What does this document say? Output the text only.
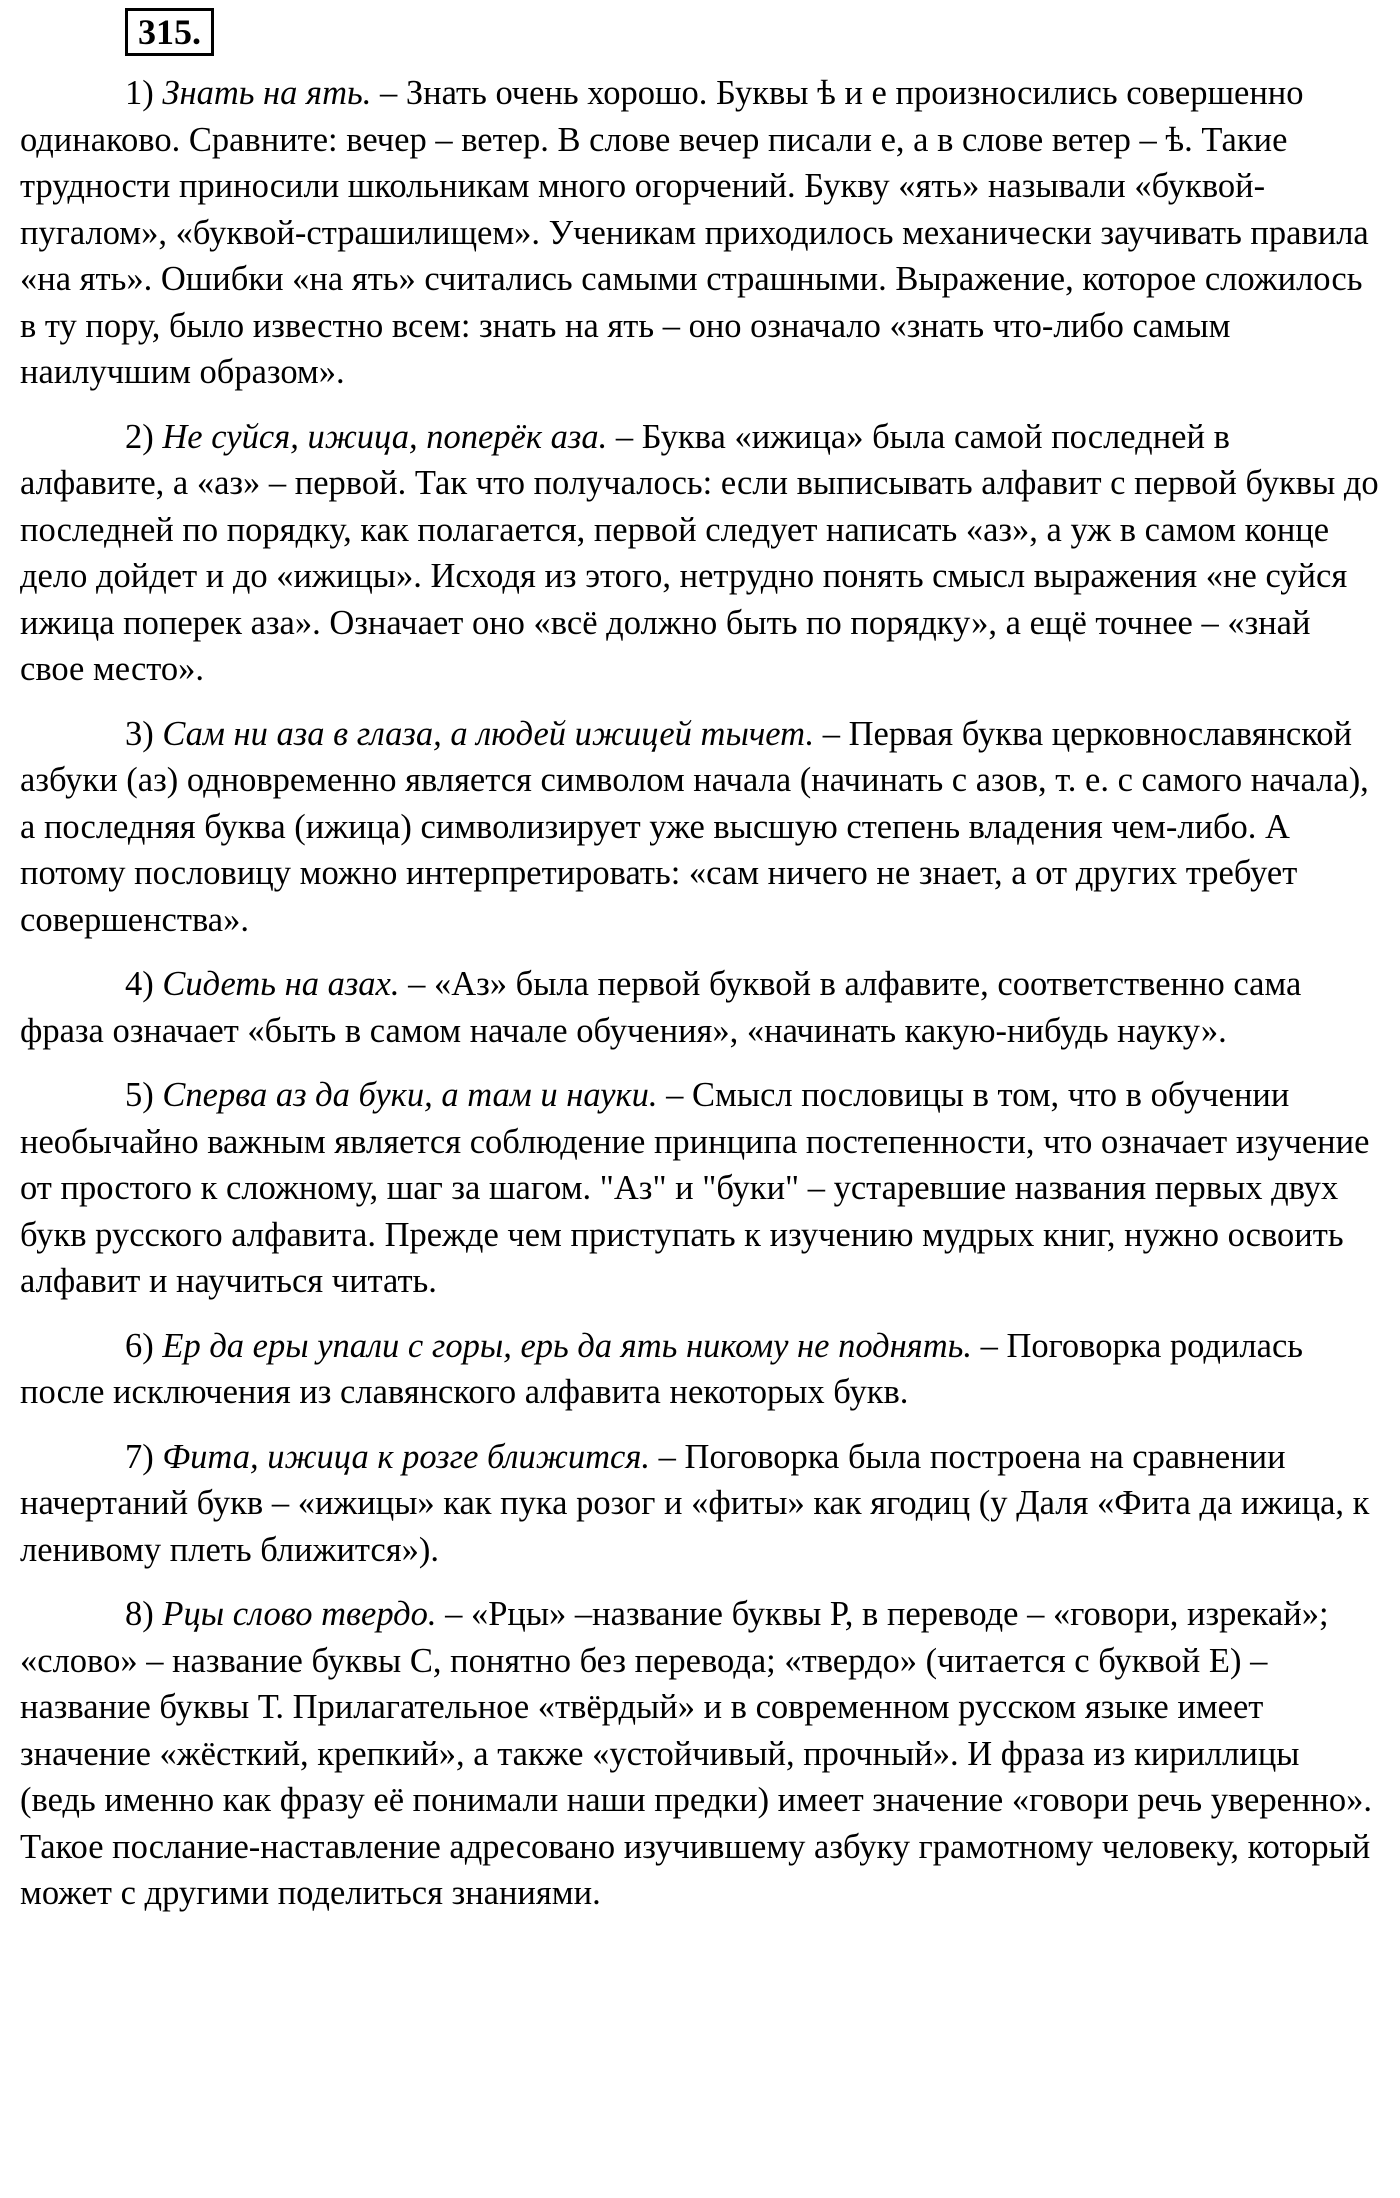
315.
1) Знать на ять. – Знать очень хорошо. Буквы ѣ и е произносились совершенно одинаково. Сравните: вечер – ветер. В слове вечер писали е, а в слове ветер – ѣ. Такие трудности приносили школьникам много огорчений. Букву «ять» называли «буквой-пугалом», «буквой-страшилищем». Ученикам приходилось механически заучивать правила «на ять». Ошибки «на ять» считались самыми страшными. Выражение, которое сложилось в ту пору, было известно всем: знать на ять – оно означало «знать что-либо самым наилучшим образом».
2) Не суйся, ижица, поперёк аза. – Буква «ижица» была самой последней в алфавите, а «аз» – первой. Так что получалось: если выписывать алфавит с первой буквы до последней по порядку, как полагается, первой следует написать «аз», а уж в самом конце дело дойдет и до «ижицы». Исходя из этого, нетрудно понять смысл выражения «не суйся ижица поперек аза». Означает оно «всё должно быть по порядку», а ещё точнее – «знай свое место».
3) Сам ни аза в глаза, а людей ижицей тычет. – Первая буква церковнославянской азбуки (аз) одновременно является символом начала (начинать с азов, т. е. с самого начала), а последняя буква (ижица) символизирует уже высшую степень владения чем-либо. А потому пословицу можно интерпретировать: «сам ничего не знает, а от других требует совершенства».
4) Сидеть на азах. – «Аз» была первой буквой в алфавите, соответственно сама фраза означает «быть в самом начале обучения», «начинать какую-нибудь науку».
5) Сперва аз да буки, а там и науки. – Смысл пословицы в том, что в обучении необычайно важным является соблюдение принципа постепенности, что означает изучение от простого к сложному, шаг за шагом. "Аз" и "буки" – устаревшие названия первых двух букв русского алфавита. Прежде чем приступать к изучению мудрых книг, нужно освоить алфавит и научиться читать.
6) Ер да еры упали с горы, ерь да ять никому не поднять. – Поговорка родилась после исключения из славянского алфавита некоторых букв.
7) Фита, ижица к розге ближится. – Поговорка была построена на сравнении начертаний букв – «ижицы» как пука розог и «фиты» как ягодиц (у Даля «Фита да ижица, к ленивому плеть ближится»).
8) Рцы слово твердо. – «Рцы» –название буквы Р, в переводе – «говори, изрекай»; «слово» – название буквы С, понятно без перевода; «твердо» (читается с буквой Е) – название буквы Т. Прилагательное «твёрдый» и в современном русском языке имеет значение «жёсткий, крепкий», а также «устойчивый, прочный». И фраза из кириллицы (ведь именно как фразу её понимали наши предки) имеет значение «говори речь уверенно». Такое послание-наставление адресовано изучившему азбуку грамотному человеку, который может с другими поделиться знаниями.
